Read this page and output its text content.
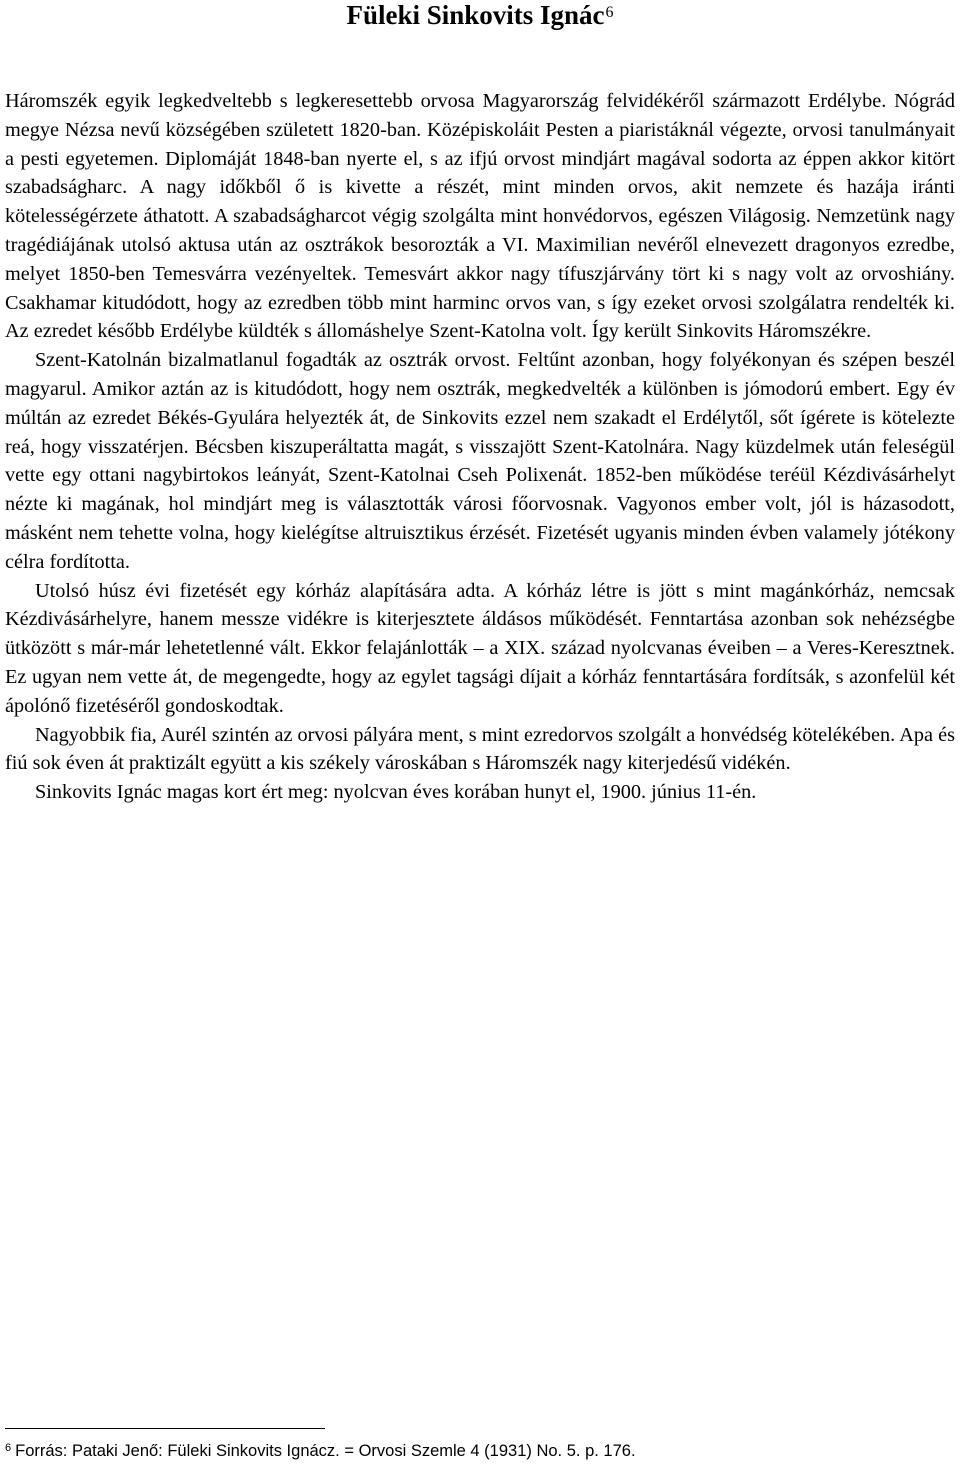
Füleki Sinkovits Ignác$^6$

Háromszék egyik legkedveltebb s legkeresettebb orvosa Magyarország felvidékéről származott Erdélybe. Nógrád megye Nézsa nevű községében született 1820-ban. Középiskoláit Pesten a piaristáknál végezte, orvosi tanulmányait a pesti egyetemen. Diplomáját 1848-ban nyerte el, s az ifjú orvost mindjárt magával sodorta az éppen akkor kitört szabadságharc. A nagy időkből ő is kivette a részét, mint minden orvos, akit nemzete és hazája iránti kötelességérzete áthatott. A szabadságharcot végig szolgálta mint honvédorvos, egészen Világosig. Nemzetünk nagy tragédiájának utolsó aktusa után az osztrákok besorozták a VI. Maximilian nevéről elnevezett dragonyos ezredbe, melyet 1850-ben Temesvárra vezényeltek. Temesvárt akkor nagy tífuszjárvány tört ki s nagy volt az orvoshiány. Csakhamar kitudódott, hogy az ezredben több mint harminc orvos van, s így ezeket orvosi szolgálatra rendelték ki. Az ezredet később Erdélybe küldték s állomáshelye Szent-Katolna volt. Így került Sinkovits Háromszékre.

Szent-Katolnán bizalmatlanul fogadták az osztrák orvost. Feltűnt azonban, hogy folyékonyan és szépen beszél magyarul. Amikor aztán az is kitudódott, hogy nem osztrák, megkedvelték a különben is jómodorú embert. Egy év múltán az ezredet Békés-Gyulára helyezték át, de Sinkovits ezzel nem szakadt el Erdélytől, sőt ígérete is kötelezte reá, hogy visszatérjen. Bécsben kiszuperáltatta magát, s visszajött Szent-Katolnára. Nagy küzdelmek után feleségül vette egy ottani nagybirtokos leányát, Szent-Katolnai Cseh Polixenát. 1852-ben működése teréül Kézdivásárhelyt nézte ki magának, hol mindjárt meg is választották városi főorvosnak. Vagyonos ember volt, jól is házasodott, másként nem tehette volna, hogy kielégítse altruisztikus érzését. Fizetését ugyanis minden évben valamely jótékony célra fordította.

Utolsó húsz évi fizetését egy kórház alapítására adta. A kórház létre is jött s mint magánkórház, nemcsak Kézdivásárhelyre, hanem messze vidékre is kiterjesztete áldásos működését. Fenntartása azonban sok nehézségbe ütközött s már-már lehetetlenné vált. Ekkor felajánlották – a XIX. század nyolcvanas éveiben – a Veres-Keresztnek. Ez ugyan nem vette át, de megengedte, hogy az egylet tagsági díjait a kórház fenntartására fordítsák, s azonfelül két ápolónő fizetéséről gondoskodtak.

Nagyobbik fia, Aurél szintén az orvosi pályára ment, s mint ezredorvos szolgált a honvédség kötelékében. Apa és fiú sok éven át praktizált együtt a kis székely városkában s Háromszék nagy kiterjedésű vidékén.

Sinkovits Ignác magas kort ért meg: nyolcvan éves korában hunyt el, 1900. június 11-én.

$^6$ Forrás: Pataki Jenő: Füleki Sinkovits Ignácz. = Orvosi Szemle 4 (1931) No. 5. p. 176.
